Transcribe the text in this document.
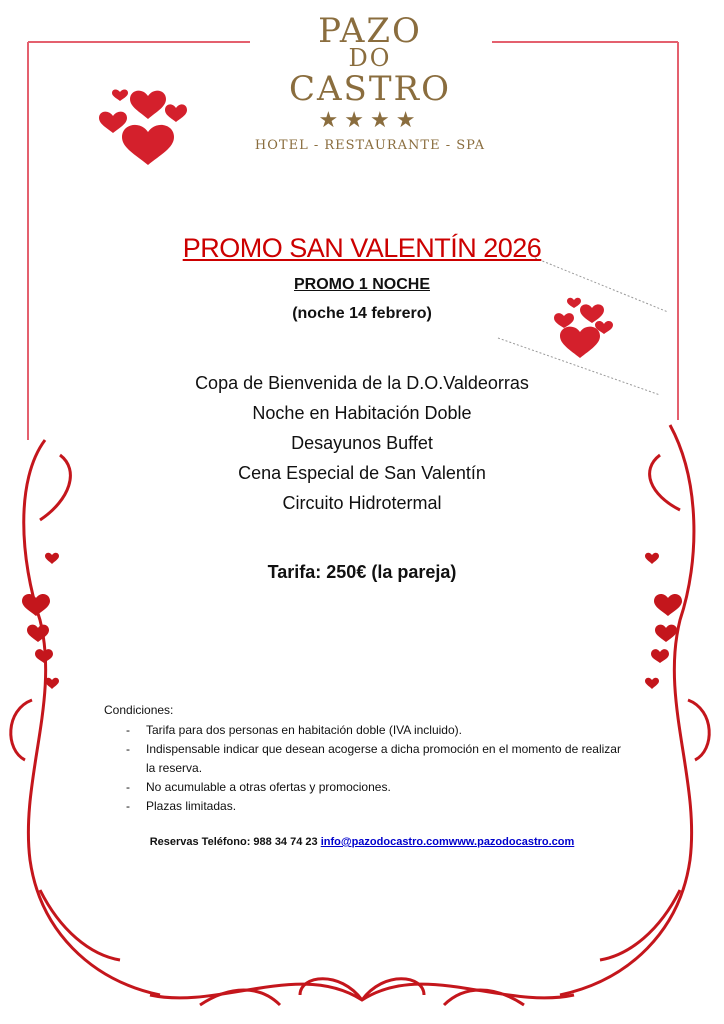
PAZO
DO
CASTRO
★★★★
HOTEL - RESTAURANTE - SPA
PROMO SAN VALENTÍN 2026
PROMO 1 NOCHE
(noche 14 febrero)
Copa de Bienvenida de la D.O.Valdeorras
Noche en Habitación Doble
Desayunos Buffet
Cena Especial de San Valentín
Circuito Hidrotermal
Tarifa: 250€ (la pareja)
Condiciones:
- Tarifa para dos personas en habitación doble (IVA incluido).
- Indispensable indicar que desean acogerse a dicha promoción en el momento de realizar la reserva.
- No acumulable a otras ofertas y promociones.
- Plazas limitadas.
Reservas Teléfono: 988 34 74 23 info@pazodocastro.comwww.pazodocastro.com
